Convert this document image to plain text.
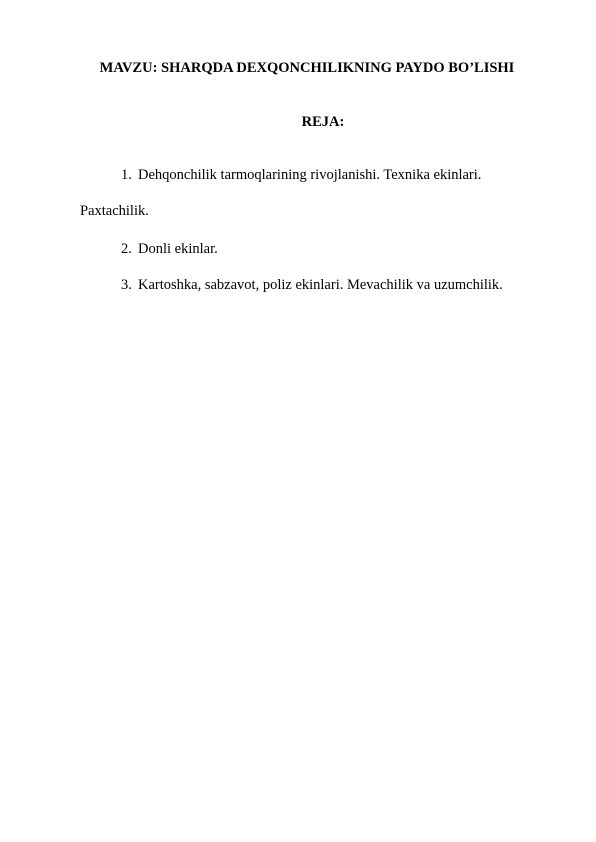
MAVZU: SHARQDA DEXQONCHILIKNING PAYDO BO’LISHI
REJA:
1. Dehqonchilik tarmoqlarining rivojlanishi. Texnika ekinlari.
Paxtachilik.
2. Donli ekinlar.
3. Kartoshka, sabzavot, poliz ekinlari. Mevachilik va uzumchilik.
